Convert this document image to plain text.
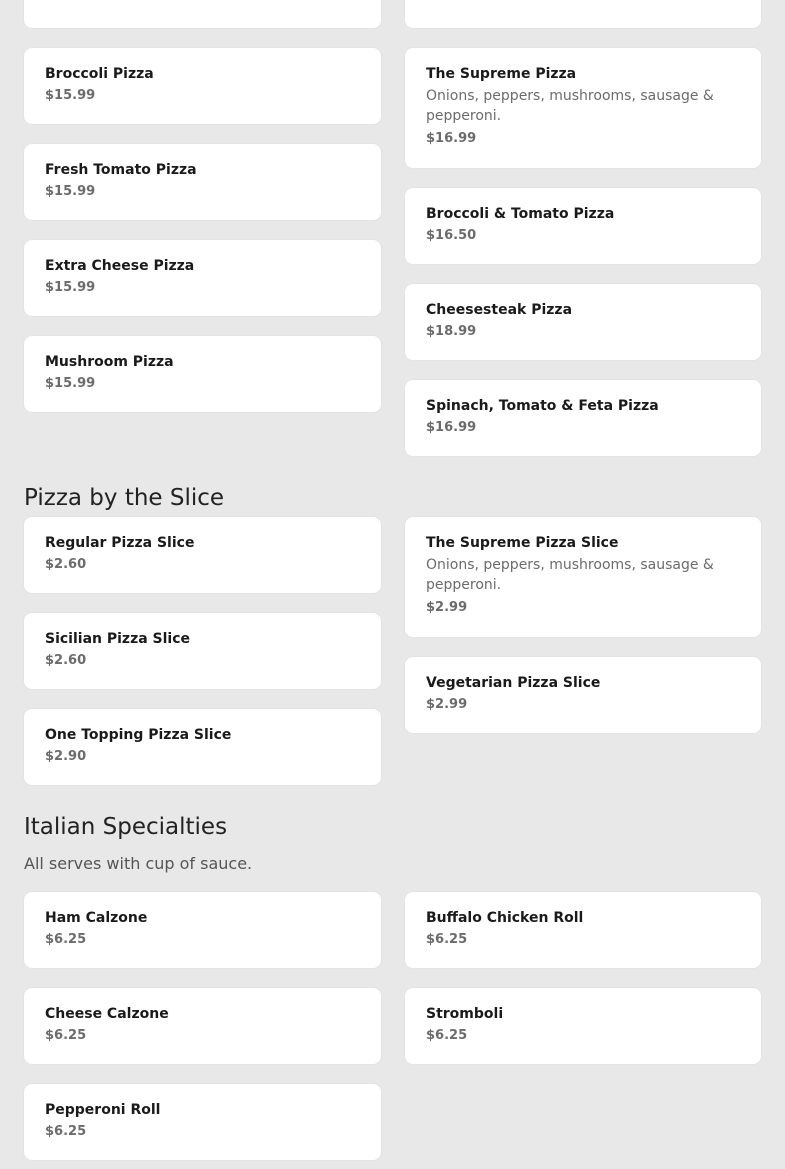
Broccoli Pizza
$15.99
Fresh Tomato Pizza
$15.99
Extra Cheese Pizza
$15.99
Mushroom Pizza
$15.99
The Supreme Pizza
Onions, peppers, mushrooms, sausage & pepperoni.
$16.99
Broccoli & Tomato Pizza
$16.50
Cheesesteak Pizza
$18.99
Spinach, Tomato & Feta Pizza
$16.99
Pizza by the Slice
Regular Pizza Slice
$2.60
Sicilian Pizza Slice
$2.60
One Topping Pizza Slice
$2.90
The Supreme Pizza Slice
Onions, peppers, mushrooms, sausage & pepperoni.
$2.99
Vegetarian Pizza Slice
$2.99
Italian Specialties
All serves with cup of sauce.
Ham Calzone
$6.25
Cheese Calzone
$6.25
Pepperoni Roll
$6.25
Buffalo Chicken Roll
$6.25
Stromboli
$6.25
